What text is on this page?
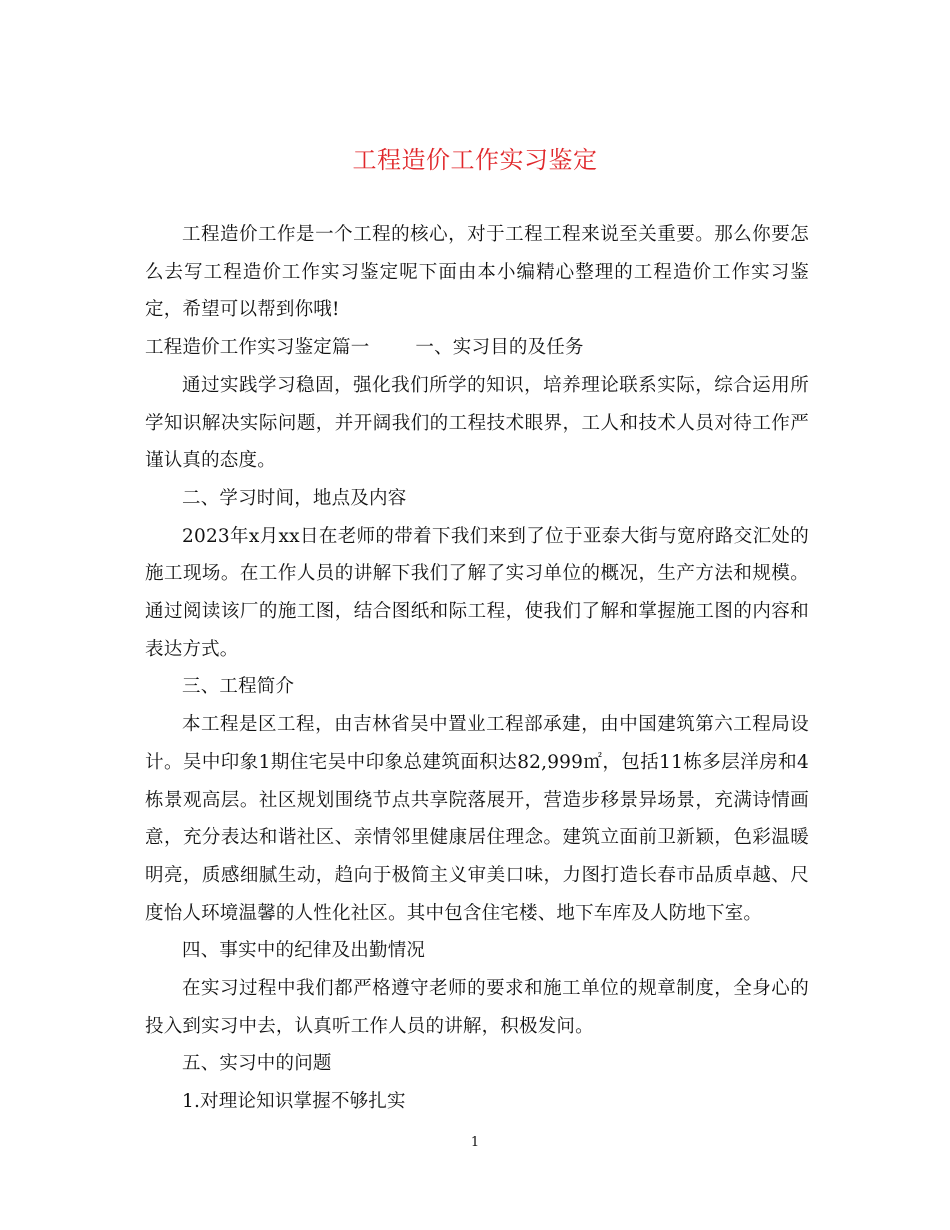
工程造价工作实习鉴定

工程造价工作是一个工程的核心，对于工程工程来说至关重要。那么你要怎么去写工程造价工作实习鉴定呢下面由本小编精心整理的工程造价工作实习鉴定，希望可以帮到你哦!

工程造价工作实习鉴定篇一 一、实习目的及任务

通过实践学习稳固，强化我们所学的知识，培养理论联系实际，综合运用所学知识解决实际问题，并开阔我们的工程技术眼界，工人和技术人员对待工作严谨认真的态度。

二、学习时间，地点及内容

2023年x月xx日在老师的带着下我们来到了位于亚泰大街与宽府路交汇处的施工现场。在工作人员的讲解下我们了解了实习单位的概况，生产方法和规模。通过阅读该厂的施工图，结合图纸和际工程，使我们了解和掌握施工图的内容和表达方式。

三、工程简介

本工程是区工程，由吉林省吴中置业工程部承建，由中国建筑第六工程局设计。吴中印象1期住宅吴中印象总建筑面积达82,999㎡，包括11栋多层洋房和4栋景观高层。社区规划围绕节点共享院落展开，营造步移景异场景，充满诗情画意，充分表达和谐社区、亲情邻里健康居住理念。建筑立面前卫新颖，色彩温暖明亮，质感细腻生动，趋向于极简主义审美口味，力图打造长春市品质卓越、尺度怡人环境温馨的人性化社区。其中包含住宅楼、地下车库及人防地下室。

四、事实中的纪律及出勤情况

在实习过程中我们都严格遵守老师的要求和施工单位的规章制度，全身心的投入到实习中去，认真听工作人员的讲解，积极发问。

五、实习中的问题

1.对理论知识掌握不够扎实

1
